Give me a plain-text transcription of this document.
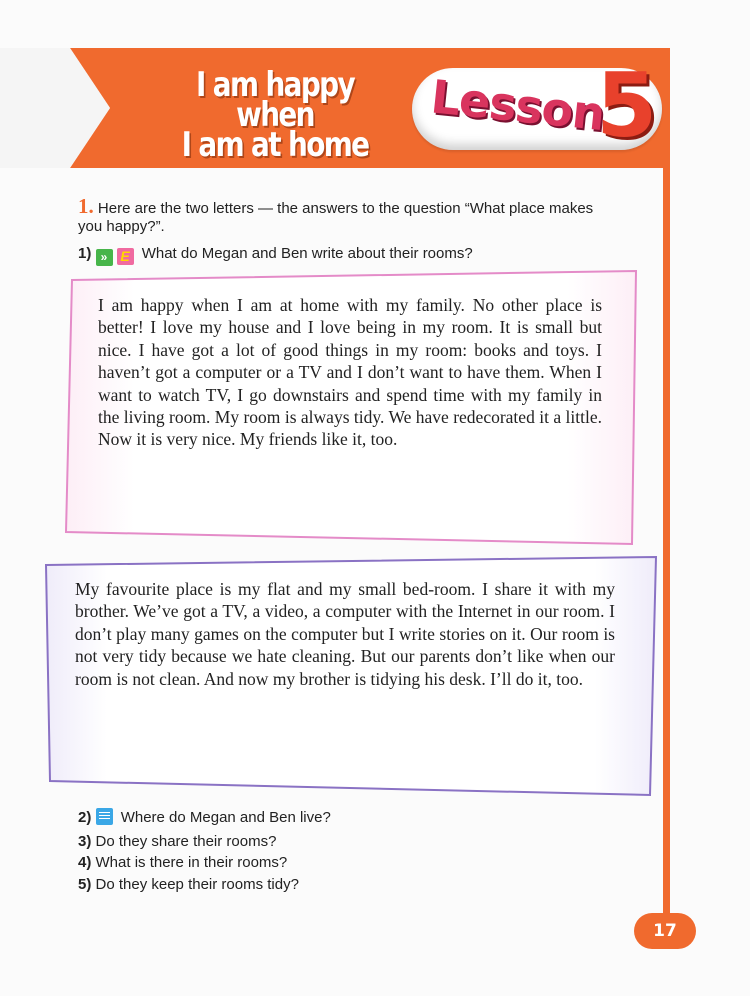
I am happy when
I am at home
Lesson
5
1. Here are the two letters — the answers to the question “What place makes you happy?”.
1) » E What do Megan and Ben write about their rooms?
I am happy when I am at home with my family. No other place is better! I love my house and I love being in my room. It is small but nice. I have got a lot of good things in my room: books and toys. I haven’t got a computer or a TV and I don’t want to have them. When I want to watch TV, I go downstairs and spend time with my family in the living room. My room is always tidy. We have redecorated it a little. Now it is very nice. My friends like it, too.
My favourite place is my flat and my small bed-room. I share it with my brother. We’ve got a TV, a video, a computer with the Internet in our room. I don’t play many games on the computer but I write stories on it. Our room is not very tidy because we hate cleaning. But our parents don’t like when our room is not clean. And now my brother is tidying his desk. I’ll do it, too.
2) Where do Megan and Ben live?
3) Do they share their rooms?
4) What is there in their rooms?
5) Do they keep their rooms tidy?
17
